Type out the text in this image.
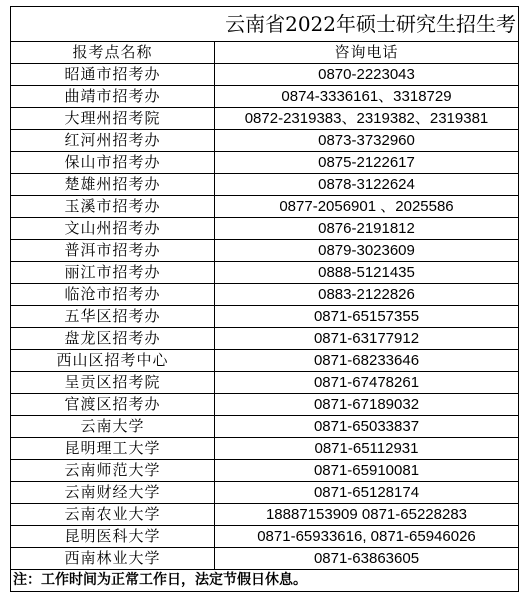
云南省2022年硕士研究生招生考	
报考点名称	咨询电话
昭通市招考办	0870-2223043
曲靖市招考办	0874-3336161、3318729
大理州招考院	0872-2319383、2319382、2319381
红河州招考办	0873-3732960
保山市招考办	0875-2122617
楚雄州招考办	0878-3122624
玉溪市招考办	0877-2056901 、2025586
文山州招考办	0876-2191812
普洱市招考办	0879-3023609
丽江市招考办	0888-5121435
临沧市招考办	0883-2122826
五华区招考办	0871-65157355
盘龙区招考办	0871-63177912
西山区招考中心	0871-68233646
呈贡区招考院	0871-67478261
官渡区招考办	0871-67189032
云南大学	0871-65033837
昆明理工大学	0871-65112931
云南师范大学	0871-65910081
云南财经大学	0871-65128174
云南农业大学	18887153909 0871-65228283
昆明医科大学	0871-65933616, 0871-65946026
西南林业大学	0871-63863605
注：工作时间为正常工作日，法定节假日休息。	
